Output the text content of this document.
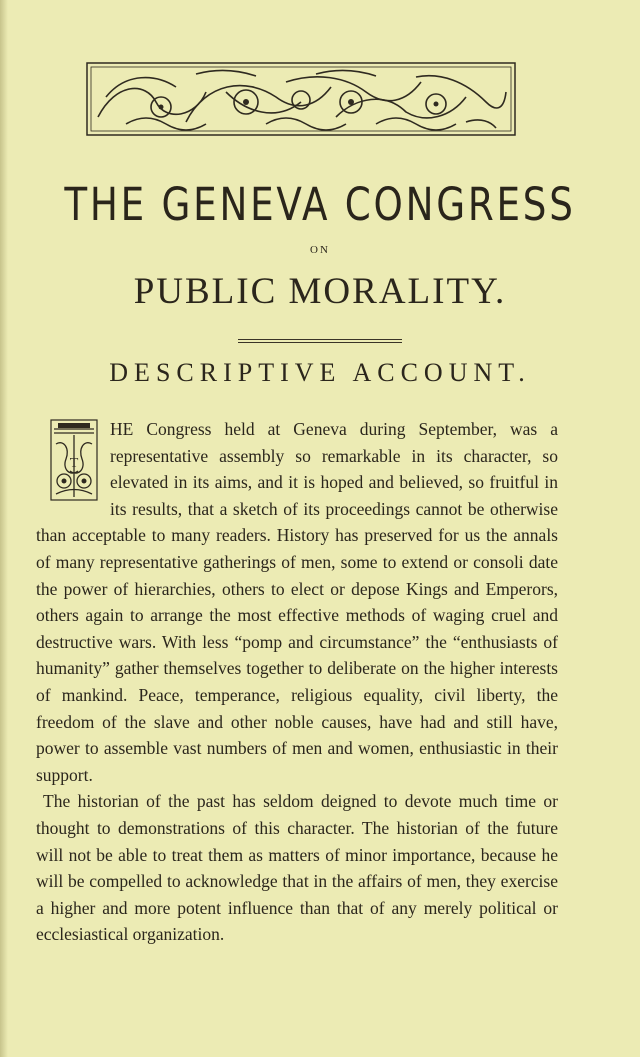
THE GENEVA CONGRESS
ON
PUBLIC MORALITY.
DESCRIPTIVE ACCOUNT.
T

HE Congress held at Geneva during September, was a representative assembly so remarkable in its character, so elevated in its aims, and it is hoped and believed, so fruitful in its results, that a sketch of its proceedings cannot be otherwise than acceptable to many readers. History has preserved for us the annals of many representative gatherings of men, some to extend or consoli date the power of hierarchies, others to elect or depose Kings and Emperors, others again to arrange the most effective methods of waging cruel and destructive wars. With less “pomp and circumstance” the “enthusiasts of humanity” gather themselves together to deliberate on the higher interests of mankind. Peace, temperance, religious equality, civil liberty, the freedom of the slave and other noble causes, have had and still have, power to assemble vast numbers of men and women, enthusiastic in their support.

The historian of the past has seldom deigned to devote much time or thought to demonstrations of this character. The historian of the future will not be able to treat them as matters of minor importance, because he will be compelled to acknowledge that in the affairs of men, they exercise a higher and more potent influence than that of any merely political or ecclesiastical organization.
